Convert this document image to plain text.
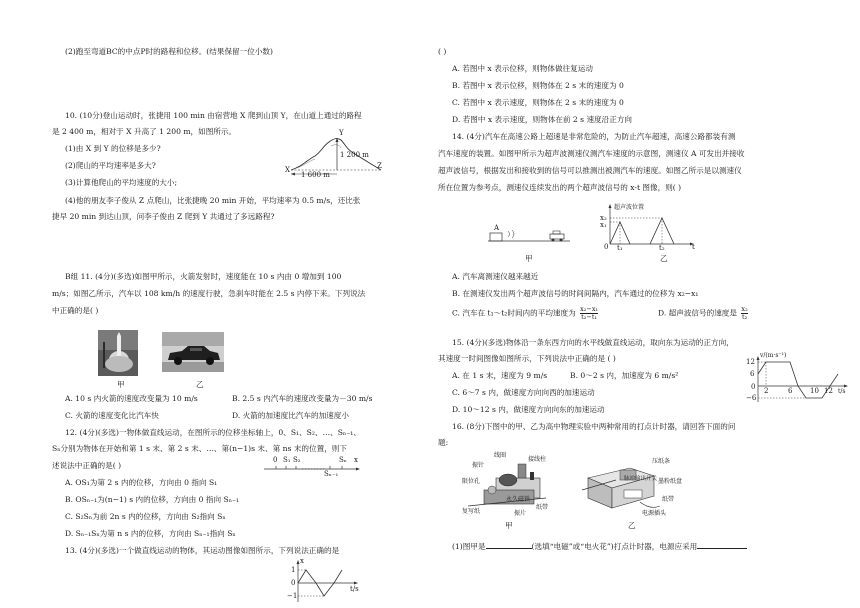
(2)跑至弯道BC的中点P时的路程和位移。(结果保留一位小数)
10. (10分)登山运动时，张捷用 100 min 由宿营地 X 爬到山顶 Y，在山道上通过的路程
是 2 400 m，相对于 X 升高了 1 200 m，如图所示。
(1)由 X 到 Y 的位移是多少?
(2)爬山的平均速率是多大?
(3)计算他爬山的平均速度的大小;
(4)他的朋友李子俊从 Z 点爬山，比张捷晚 20 min 开始，平均速率为 0.5 m/s，还比张
捷早 20 min 到达山顶，问李子俊由 Z 爬到 Y 共通过了多远路程?
Y
1 200 m
X
1 600 m
Z
B组 11. (4分)(多选)如图甲所示，火箭发射时，速度能在 10 s 内由 0 增加到 100
m/s；如图乙所示，汽车以 108 km/h 的速度行驶，急刹车时能在 2.5 s 内停下来。下列说法
中正确的是( )
甲	乙
A. 10 s 内火箭的速度改变量为 10 m/s	B. 2.5 s 内汽车的速度改变量为－30 m/s
C. 火箭的速度变化比汽车快	D. 火箭的加速度比汽车的加速度小
12. (4分)(多选)一物体做直线运动，在图所示的位移坐标轴上，0、S₁、S₂、…、Sₙ₋₁、
Sₙ分别为物体在开始和第 1 s 末、第 2 s 末、…、第(n−1)s 末、第 ns 末的位置，则下
述说法中正确的是( )
0 S₁ S₂
Sₙ₋₁
Sₙ x
A. OS₁为第 2 s 内的位移，方向由 0 指向 S₁
B. OSₙ₋₁为(n−1) s 内的位移，方向由 0 指向 Sₙ₋₁
C. S₂Sₙ为前 2n s 内的位移，方向由 S₂指向 Sₙ
D. Sₙ₋₁Sₙ为第 n s 内的位移，方向由 Sₙ₋₁指向 Sₙ
13. (4分)(多选)一个做直线运动的物体，其运动图像如图所示，下列说法正确的是
x
1
0
−1
t/s
( )
A. 若图中 x 表示位移，则物体做往复运动
B. 若图中 x 表示位移，则物体在 2 s 末的速度为 0
C. 若图中 x 表示速度，则物体在 2 s 末的速度为 0
D. 若图中 x 表示速度，则物体在前 2 s 速度沿正方向
14. (4分)汽车在高速公路上超速是非常危险的，为防止汽车超速，高速公路都装有测
汽车速度的装置。如图甲所示为超声波测速仪测汽车速度的示意图，测速仪 A 可发出并接收
超声波信号，根据发出和接收到的信号可以推测出被测汽车的速度。如图乙所示是以测速仪
所在位置为参考点，测速仪连续发出的两个超声波信号的 x-t 图像，则( )
A
甲
超声波位置
x₂
x₁
0 t₁	t₂	t
乙
A. 汽车离测速仪越来越近
B. 在测速仪发出两个超声波信号的时间间隔内，汽车通过的位移为 x₂−x₁
C. 汽车在 t₁～t₂时间内的平均速度为 $\frac{\text{x₂−x₁}}{\text{t₂−t₁}}$	D. 超声波信号的速度是 $\frac{\text{x₂}}{\text{t₂}}$
15. (4分)(多选)物体沿一条东西方向的水平线做直线运动，取向东为运动的正方向，
其速度一时间图像如图所示，下列说法中正确的是 ( )
A. 在 1 s 末，速度为 9 m/s	B. 0～2 s 内，加速度为 6 m/s²
C. 6～7 s 内，做速度方向向西的加速运动
D. 10～12 s 内，做速度方向向东的加速运动
v/(m·s⁻¹)
12
6
0
−6
2	6	10 12 t/s
16. (8分)下图中的甲、乙为高中物理实验中两种常用的打点计时器，请回答下面的问
题:
线圈
振针
限位孔
复写纸
永久磁铁
振片
接线柱
纸带
甲
压纸条
脉冲输出开关 墨粉纸盘
电源插头
纸带
乙
(1)图甲是	(选填“电磁”或“电火花”)打点计时器，电源应采用
